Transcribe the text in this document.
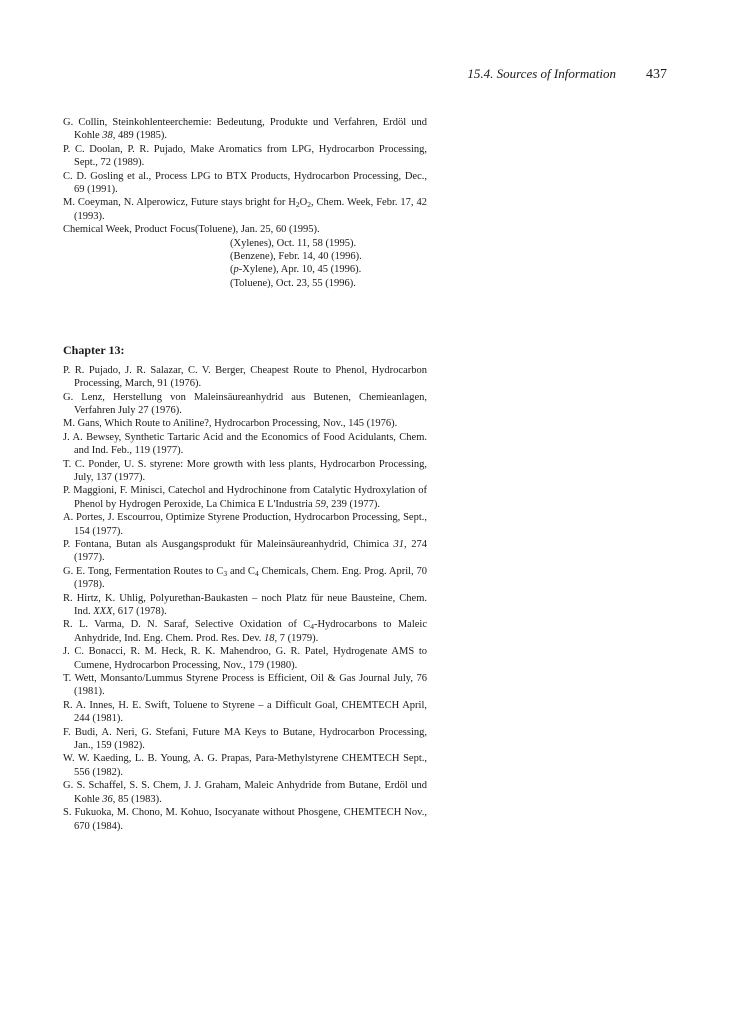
15.4. Sources of Information 437

G. Collin, Steinkohlenteerchemie: Bedeutung, Produkte und Verfahren, Erdöl und Kohle 38, 489 (1985).

P. C. Doolan, P. R. Pujado, Make Aromatics from LPG, Hydrocarbon Processing, Sept., 72 (1989).

C. D. Gosling et al., Process LPG to BTX Products, Hydrocarbon Processing, Dec., 69 (1991).

M. Coeyman, N. Alperowicz, Future stays bright for $H_2O_2$, Chem. Week, Febr. 17, 42 (1993).

Chemical Week, Product Focus (Toluene), Jan. 25, 60 (1995).
(Xylenes), Oct. 11, 58 (1995).
(Benzene), Febr. 14, 40 (1996).
(p-Xylene), Apr. 10, 45 (1996).
(Toluene), Oct. 23, 55 (1996).
Chapter 13:

P. R. Pujado, J. R. Salazar, C. V. Berger, Cheapest Route to Phenol, Hydrocarbon Processing, March, 91 (1976).

G. Lenz, Herstellung von Maleinsäureanhydrid aus Butenen, Chemieanlagen, Verfahren July 27 (1976).

M. Gans, Which Route to Aniline?, Hydrocarbon Processing, Nov., 145 (1976).

J. A. Bewsey, Synthetic Tartaric Acid and the Economics of Food Acidulants, Chem. and Ind. Feb., 119 (1977).

T. C. Ponder, U. S. styrene: More growth with less plants, Hydrocarbon Processing, July, 137 (1977).

P. Maggioni, F. Minisci, Catechol and Hydrochinone from Catalytic Hydroxylation of Phenol by Hydrogen Peroxide, La Chimica E L'Industria 59, 239 (1977).

A. Portes, J. Escourrou, Optimize Styrene Production, Hydrocarbon Processing, Sept., 154 (1977).

P. Fontana, Butan als Ausgangsprodukt für Maleinsäureanhydrid, Chimica 31, 274 (1977).

G. E. Tong, Fermentation Routes to $C_3$ and $C_4$ Chemicals, Chem. Eng. Prog. April, 70 (1978).

R. Hirtz, K. Uhlig, Polyurethan-Baukasten – noch Platz für neue Bausteine, Chem. Ind. XXX, 617 (1978).

R. L. Varma, D. N. Saraf, Selective Oxidation of $C_4$-Hydrocarbons to Maleic Anhydride, Ind. Eng. Chem. Prod. Res. Dev. 18, 7 (1979).

J. C. Bonacci, R. M. Heck, R. K. Mahendroo, G. R. Patel, Hydrogenate AMS to Cumene, Hydrocarbon Processing, Nov., 179 (1980).

T. Wett, Monsanto/Lummus Styrene Process is Efficient, Oil & Gas Journal July, 76 (1981).

R. A. Innes, H. E. Swift, Toluene to Styrene – a Difficult Goal, CHEMTECH April, 244 (1981).

F. Budi, A. Neri, G. Stefani, Future MA Keys to Butane, Hydrocarbon Processing, Jan., 159 (1982).

W. W. Kaeding, L. B. Young, A. G. Prapas, Para-Methylstyrene CHEMTECH Sept., 556 (1982).

G. S. Schaffel, S. S. Chem, J. J. Graham, Maleic Anhydride from Butane, Erdöl und Kohle 36, 85 (1983).

S. Fukuoka, M. Chono, M. Kohuo, Isocyanate without Phosgene, CHEMTECH Nov., 670 (1984).
